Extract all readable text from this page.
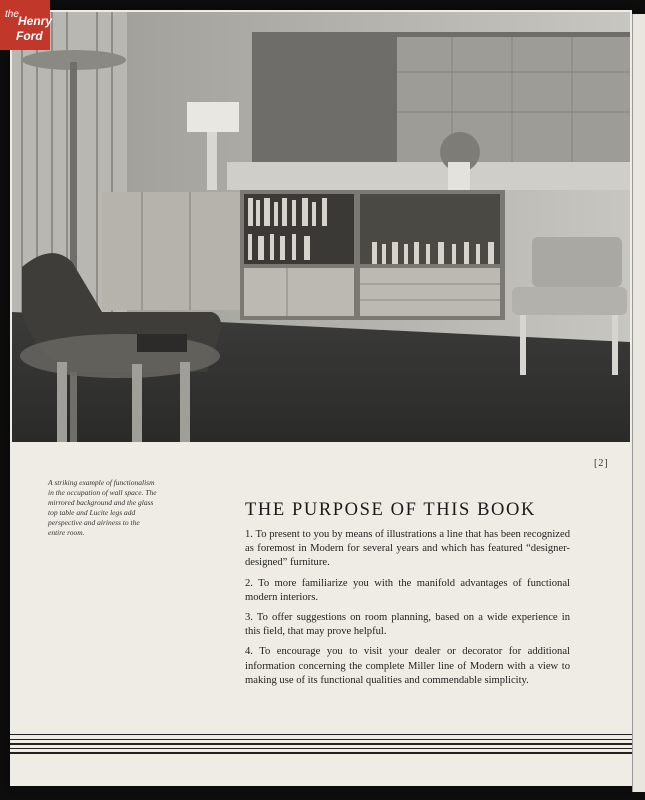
[2]
A striking example of functionalism in the occupation of wall space. The mirrored background and the glass top table and Lucite legs add perspective and airiness to the entire room.
THE PURPOSE OF THIS BOOK
1. To present to you by means of illustrations a line that has been recognized as foremost in Modern for several years and which has featured “designer-designed” furniture.
2. To more familiarize you with the manifold advantages of functional modern interiors.
3. To offer suggestions on room planning, based on a wide experience in this field, that may prove helpful.
4. To encourage you to visit your dealer or decorator for additional information concerning the complete Miller line of Modern with a view to making use of its functional qualities and commendable simplicity.
the Henry
Ford
